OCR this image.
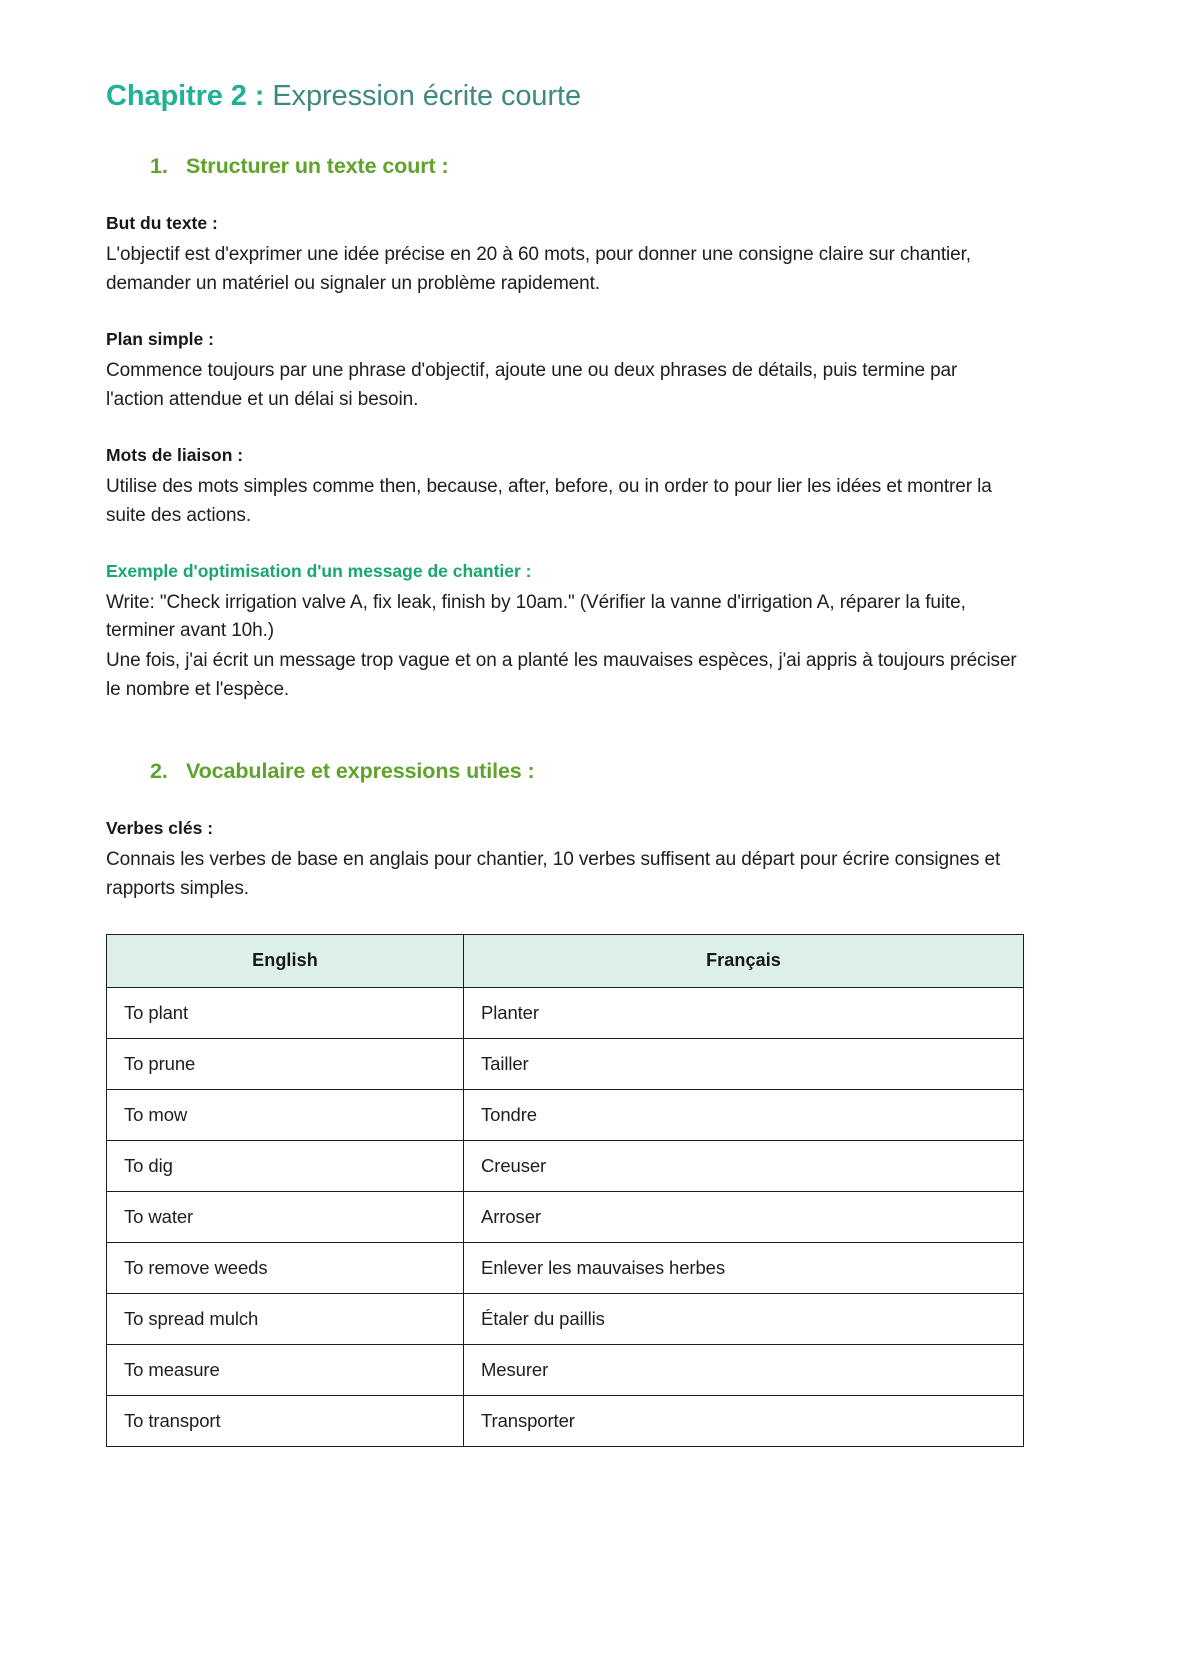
Chapitre 2 : Expression écrite courte
1. Structurer un texte court :
But du texte :

L'objectif est d'exprimer une idée précise en 20 à 60 mots, pour donner une consigne claire sur chantier, demander un matériel ou signaler un problème rapidement.

Plan simple :

Commence toujours par une phrase d'objectif, ajoute une ou deux phrases de détails, puis termine par l'action attendue et un délai si besoin.

Mots de liaison :

Utilise des mots simples comme then, because, after, before, ou in order to pour lier les idées et montrer la suite des actions.

Exemple d'optimisation d'un message de chantier :

Write: "Check irrigation valve A, fix leak, finish by 10am." (Vérifier la vanne d'irrigation A, réparer la fuite, terminer avant 10h.)

Une fois, j'ai écrit un message trop vague et on a planté les mauvaises espèces, j'ai appris à toujours préciser le nombre et l'espèce.

2. Vocabulaire et expressions utiles :
Verbes clés :

Connais les verbes de base en anglais pour chantier, 10 verbes suffisent au départ pour écrire consignes et rapports simples.

English	Français
To plant	Planter
To prune	Tailler
To mow	Tondre
To dig	Creuser
To water	Arroser
To remove weeds	Enlever les mauvaises herbes
To spread mulch	Étaler du paillis
To measure	Mesurer
To transport	Transporter
